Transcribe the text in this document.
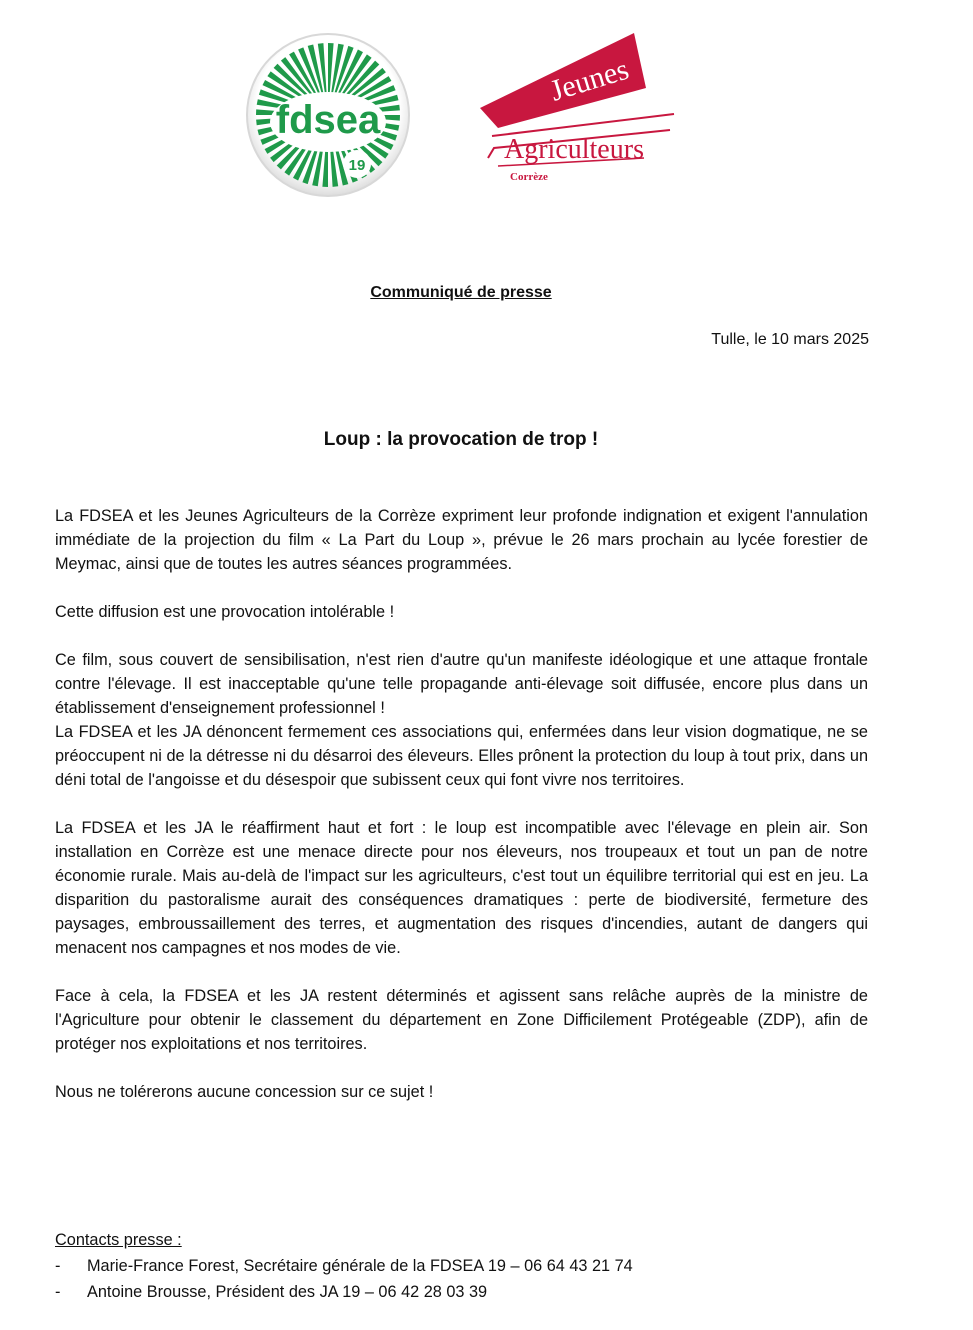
fdsea
19
Jeunes
Agriculteurs
Corrèze
Communiqué de presse
Tulle, le 10 mars 2025
Loup : la provocation de trop !

La FDSEA et les Jeunes Agriculteurs de la Corrèze expriment leur profonde indignation et exigent l'annulation immédiate de la projection du film « La Part du Loup », prévue le 26 mars prochain au lycée forestier de Meymac, ainsi que de toutes les autres séances programmées.

Cette diffusion est une provocation intolérable !

Ce film, sous couvert de sensibilisation, n'est rien d'autre qu'un manifeste idéologique et une attaque frontale contre l'élevage. Il est inacceptable qu'une telle propagande anti-élevage soit diffusée, encore plus dans un établissement d'enseignement professionnel !

La FDSEA et les JA dénoncent fermement ces associations qui, enfermées dans leur vision dogmatique, ne se préoccupent ni de la détresse ni du désarroi des éleveurs. Elles prônent la protection du loup à tout prix, dans un déni total de l'angoisse et du désespoir que subissent ceux qui font vivre nos territoires.

La FDSEA et les JA le réaffirment haut et fort : le loup est incompatible avec l'élevage en plein air. Son installation en Corrèze est une menace directe pour nos éleveurs, nos troupeaux et tout un pan de notre économie rurale. Mais au-delà de l'impact sur les agriculteurs, c'est tout un équilibre territorial qui est en jeu. La disparition du pastoralisme aurait des conséquences dramatiques : perte de biodiversité, fermeture des paysages, embroussaillement des terres, et augmentation des risques d'incendies, autant de dangers qui menacent nos campagnes et nos modes de vie.

Face à cela, la FDSEA et les JA restent déterminés et agissent sans relâche auprès de la ministre de l'Agriculture pour obtenir le classement du département en Zone Difficilement Protégeable (ZDP), afin de protéger nos exploitations et nos territoires.

Nous ne tolérerons aucune concession sur ce sujet !

Contacts presse :
-	Marie-France Forest, Secrétaire générale de la FDSEA 19 – 06 64 43 21 74
-	Antoine Brousse, Président des JA 19 – 06 42 28 03 39
